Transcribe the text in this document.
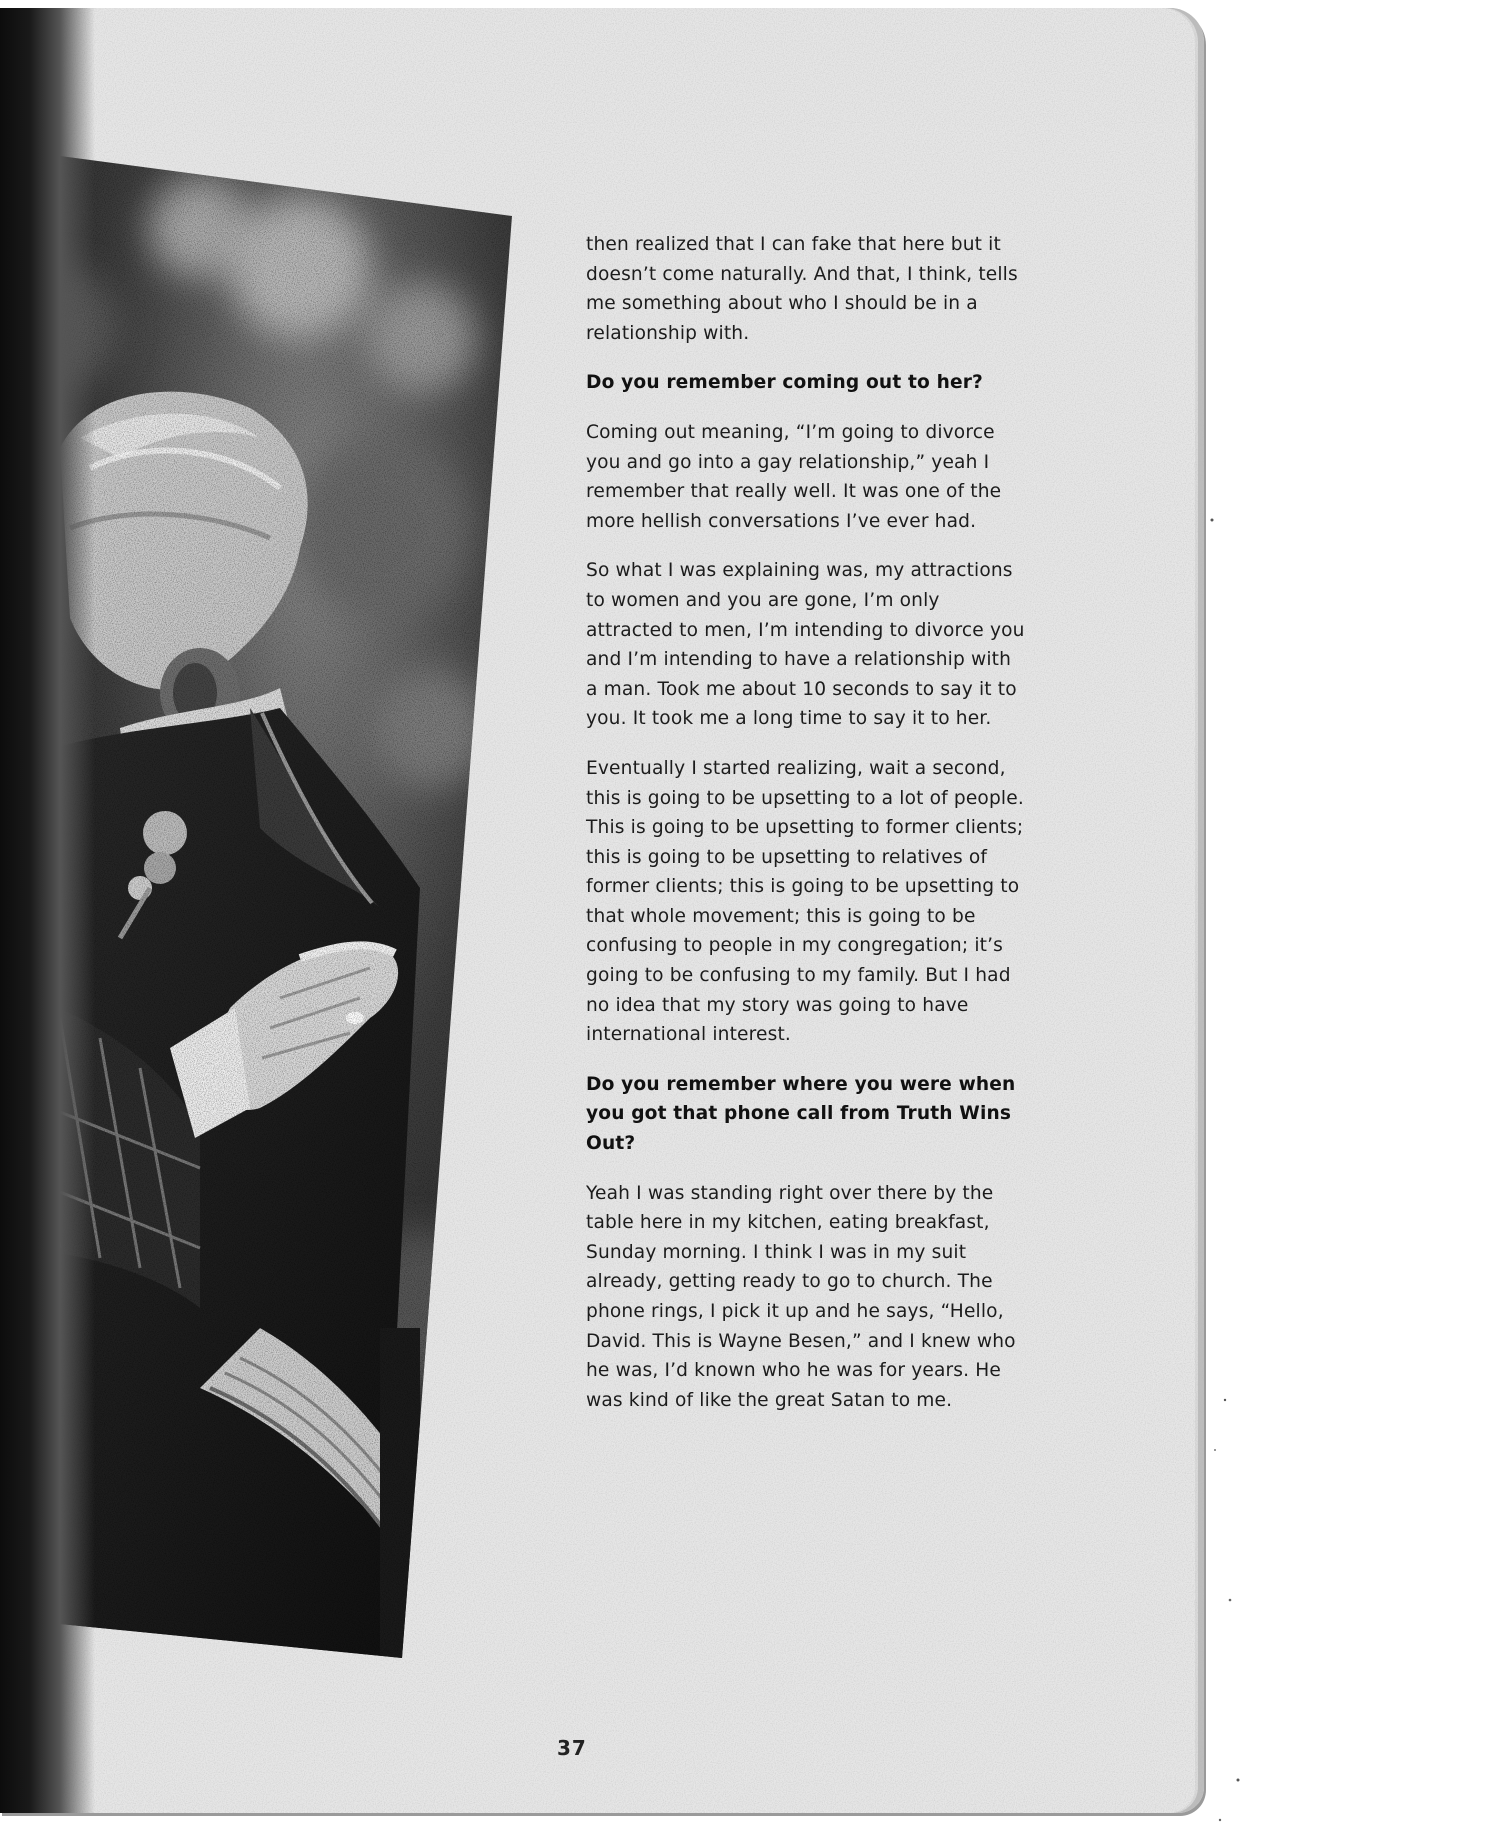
then realized that I can fake that here but it doesn’t come naturally. And that, I think, tells me something about who I should be in a relationship with.

Do you remember coming out to her?

Coming out meaning, “I’m going to divorce you and go into a gay relationship,” yeah I remember that really well. It was one of the more hellish conversations I’ve ever had.

So what I was explaining was, my attractions to women and you are gone, I’m only attracted to men, I’m intending to divorce you and I’m intending to have a relationship with a man. Took me about 10 seconds to say it to you. It took me a long time to say it to her.

Eventually I started realizing, wait a second, this is going to be upsetting to a lot of people. This is going to be upsetting to former clients; this is going to be upsetting to relatives of former clients; this is going to be upsetting to that whole movement; this is going to be confusing to people in my congregation; it’s going to be confusing to my family. But I had no idea that my story was going to have international interest.

Do you remember where you were when you got that phone call from Truth Wins Out?

Yeah I was standing right over there by the table here in my kitchen, eating breakfast, Sunday morning. I think I was in my suit already, getting ready to go to church. The phone rings, I pick it up and he says, “Hello, David. This is Wayne Besen,” and I knew who he was, I’d known who he was for years. He was kind of like the great Satan to me.

37
